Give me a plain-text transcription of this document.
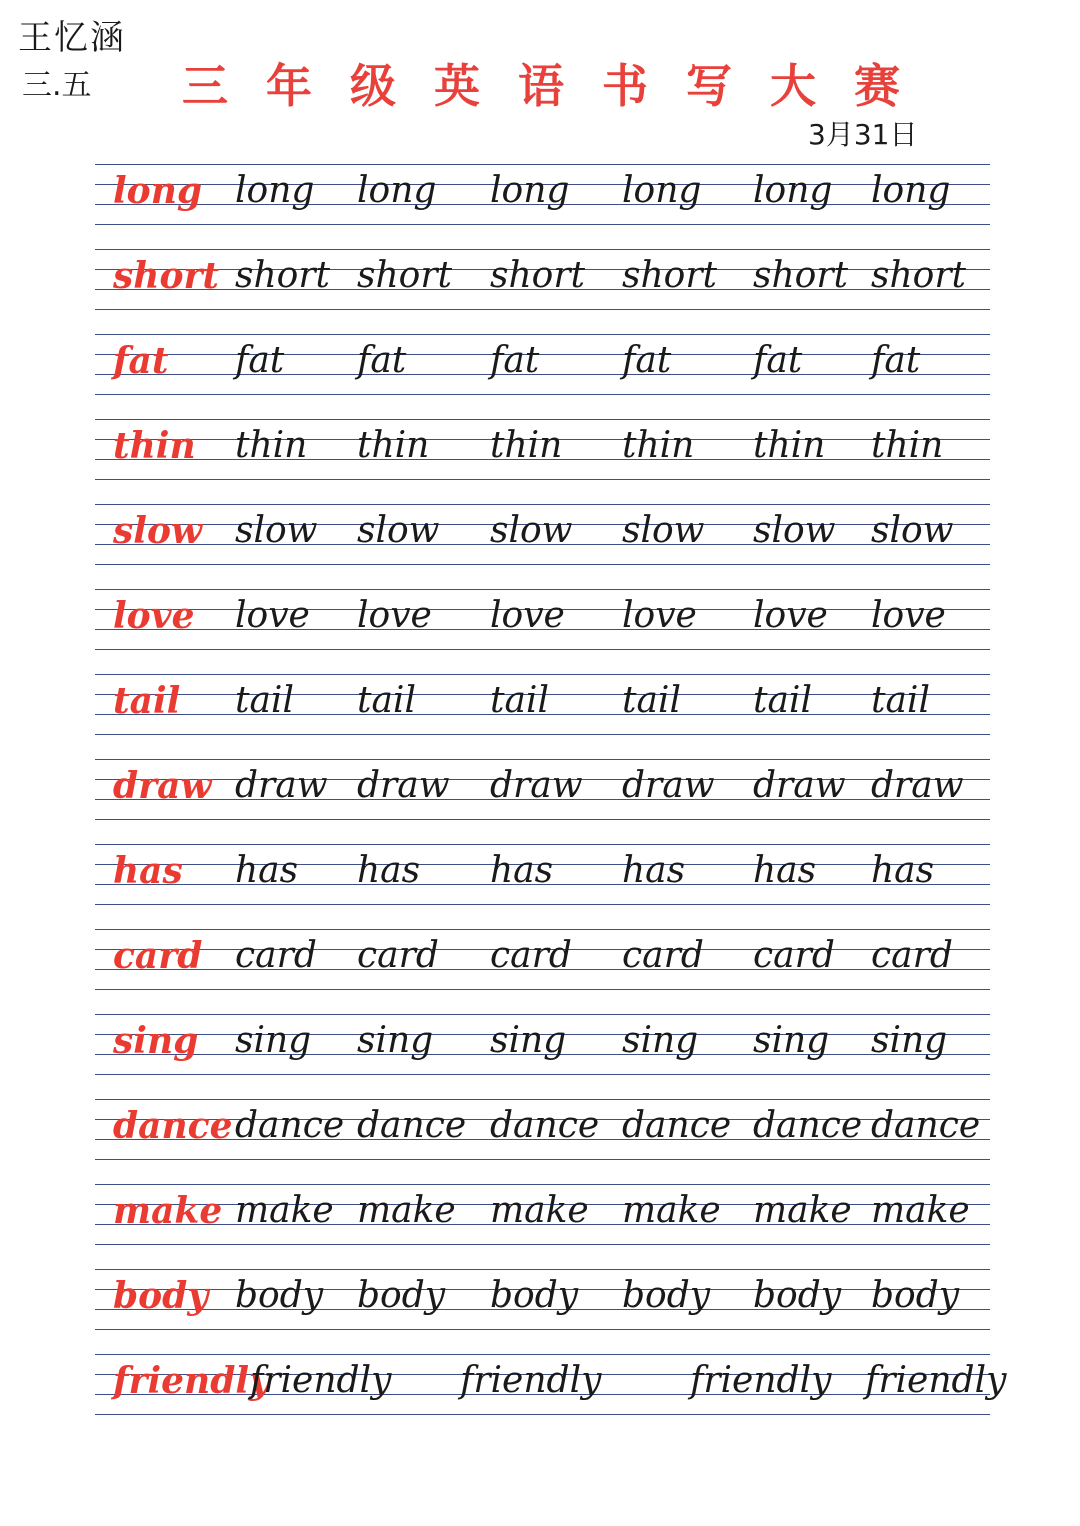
王忆涵
三.五 三年级英语书写大赛
3月31日
long long long long long long long
short short short short short short short
fat fat fat fat fat fat fat
thin thin thin thin thin thin thin
slow slow slow slow slow slow slow
love love love love love love love
tail tail tail tail tail tail tail
draw draw draw draw draw draw draw
has has has has has has has
card card card card card card card
sing sing sing sing sing sing sing
dance dance dance dance dance dance dance
make make make make make make make
body body body body body body body
friendly
friendly friendly friendly friendly
